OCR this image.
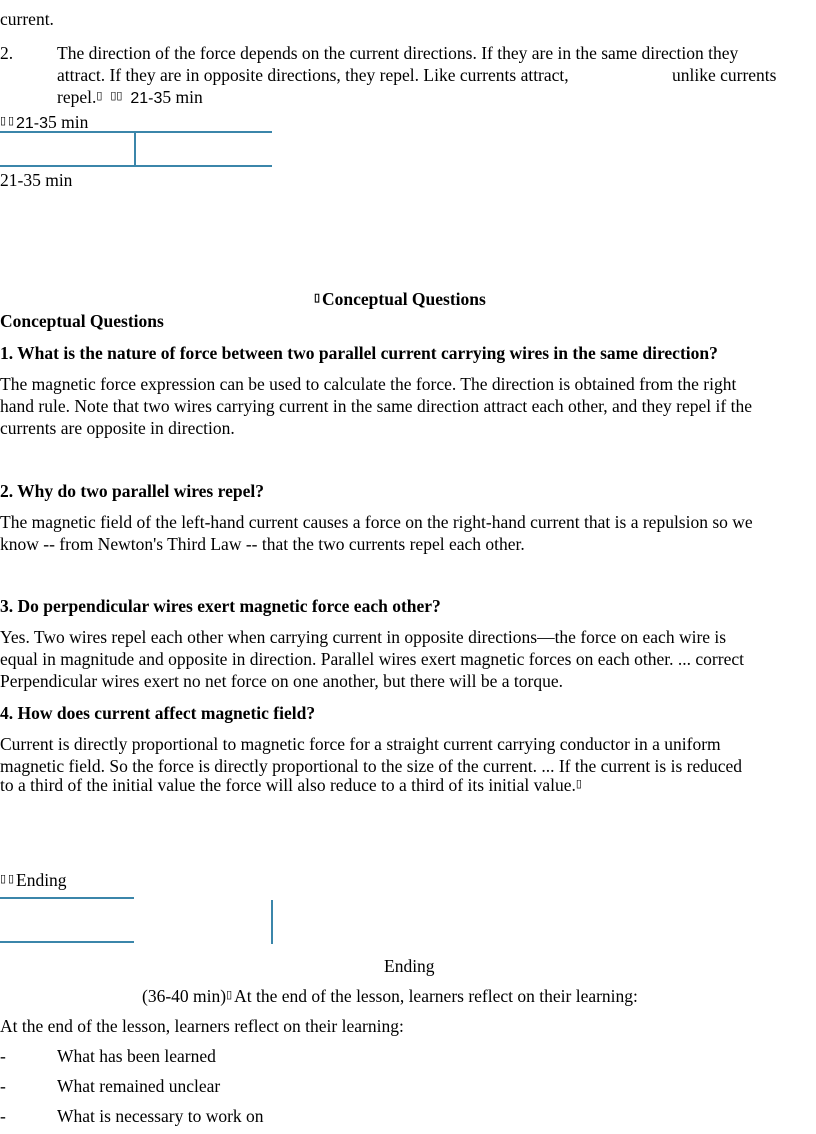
current.
2.	The direction of the force depends on the current directions. If they are in the same direction they
attract. If they are in opposite directions, they repel. Like currents attract,	unlike currents
repel. ▯ ▯ ▯ 21-35 min
▯ ▯ 21-35 min
21-35 min
▯ Conceptual Questions
Conceptual Questions
1. What is the nature of force between two parallel current carrying wires in the same direction?
The magnetic force expression can be used to calculate the force. The direction is obtained from the right
hand rule. Note that two wires carrying current in the same direction attract each other, and they repel if the
currents are opposite in direction.
2. Why do two parallel wires repel?
The magnetic field of the left-hand current causes a force on the right-hand current that is a repulsion so we
know -- from Newton's Third Law -- that the two currents repel each other.
3. Do perpendicular wires exert magnetic force each other?
Yes. Two wires repel each other when carrying current in opposite directions—the force on each wire is
equal in magnitude and opposite in direction. Parallel wires exert magnetic forces on each other. ... correct
Perpendicular wires exert no net force on one another, but there will be a torque.
4. How does current affect magnetic field?
Current is directly proportional to magnetic force for a straight current carrying conductor in a uniform
magnetic field. So the force is directly proportional to the size of the current. ... If the current is is reduced
to a third of the initial value the force will also reduce to a third of its initial value. ▯
▯ ▯ Ending
Ending
(36-40 min) ▯ At the end of the lesson, learners reflect on their learning:
At the end of the lesson, learners reflect on their learning:
-	What has been learned
-	What remained unclear
-	What is necessary to work on
